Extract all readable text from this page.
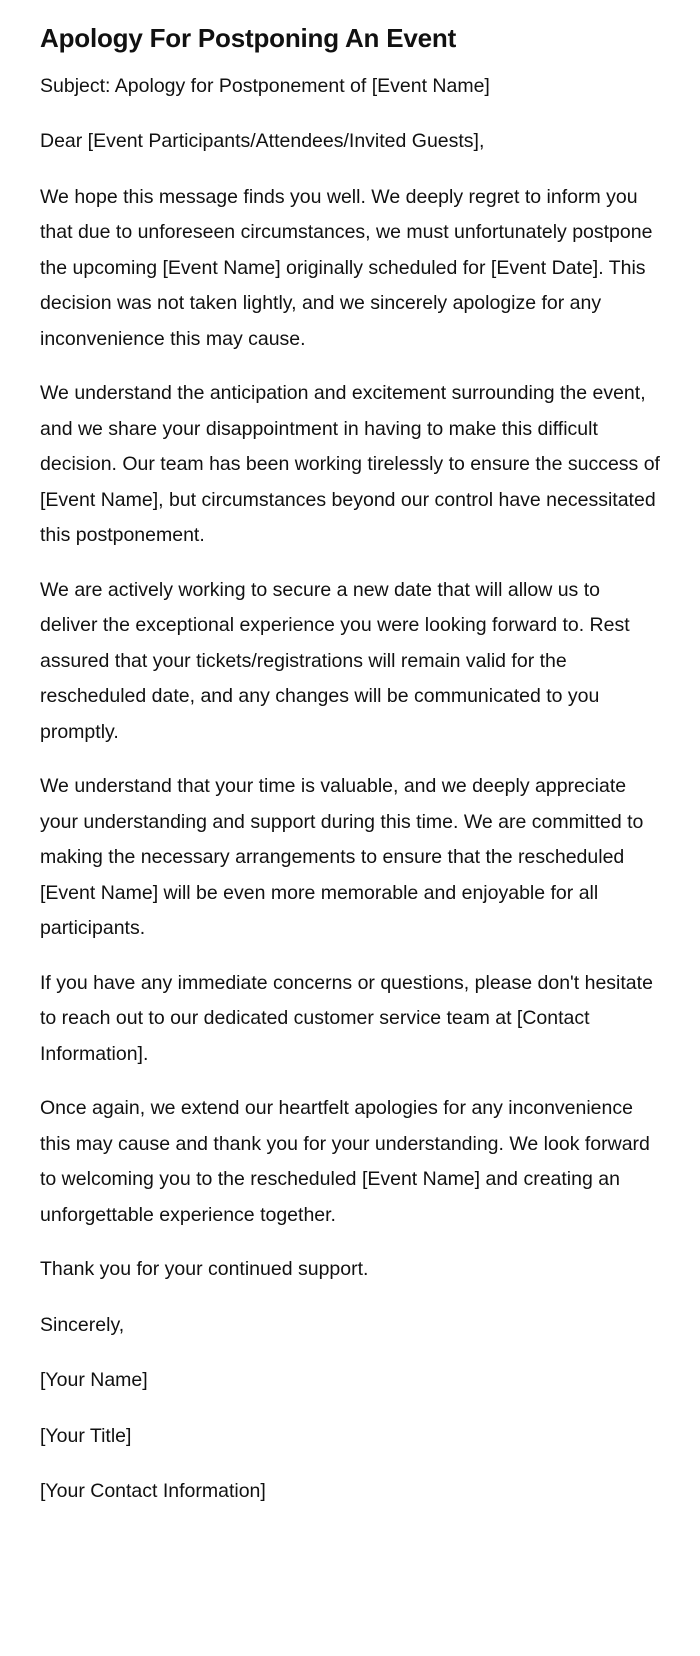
Apology For Postponing An Event

Subject: Apology for Postponement of [Event Name]

Dear [Event Participants/Attendees/Invited Guests],

We hope this message finds you well. We deeply regret to inform you that due to unforeseen circumstances, we must unfortunately postpone the upcoming [Event Name] originally scheduled for [Event Date]. This decision was not taken lightly, and we sincerely apologize for any inconvenience this may cause.

We understand the anticipation and excitement surrounding the event, and we share your disappointment in having to make this difficult decision. Our team has been working tirelessly to ensure the success of [Event Name], but circumstances beyond our control have necessitated this postponement.

We are actively working to secure a new date that will allow us to deliver the exceptional experience you were looking forward to. Rest assured that your tickets/registrations will remain valid for the rescheduled date, and any changes will be communicated to you promptly.

We understand that your time is valuable, and we deeply appreciate your understanding and support during this time. We are committed to making the necessary arrangements to ensure that the rescheduled [Event Name] will be even more memorable and enjoyable for all participants.

If you have any immediate concerns or questions, please don't hesitate to reach out to our dedicated customer service team at [Contact Information].

Once again, we extend our heartfelt apologies for any inconvenience this may cause and thank you for your understanding. We look forward to welcoming you to the rescheduled [Event Name] and creating an unforgettable experience together.

Thank you for your continued support.

Sincerely,

[Your Name]

[Your Title]

[Your Contact Information]
